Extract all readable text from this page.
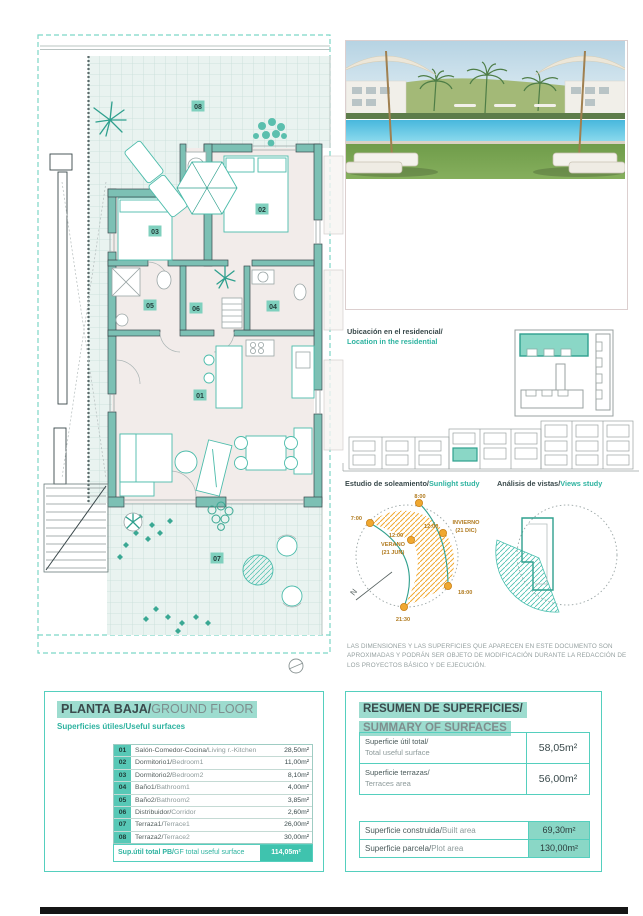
08
02
03
05	06	04
01
07
Ubicación en el residencial/
Location in the residential
Estudio de soleamiento/Sunlight study
N
8:00
7:00
12:00
VERANO
(21 JUN)
12:00
INVIERNO
(21 DIC)
18:00
21:30
Análisis de vistas/Views study
LAS DIMENSIONES Y LAS SUPERFICIES QUE APARECEN EN ESTE DOCUMENTO SON APROXIMADAS Y PODRÁN SER OBJETO DE MODIFICACIÓN DURANTE LA REDACCIÓN DE LOS PROYECTOS BÁSICO Y DE EJECUCIÓN.
PLANTA BAJA/GROUND FLOOR
Superficies útiles/Useful surfaces
01	Salón-Comedor-Cocina/Living r.-Kitchen	28,50m²
02	Dormitorio1/Bedroom1	11,00m²
03	Dormitorio2/Bedroom2	8,10m²
04	Baño1/Bathroom1	4,00m²
05	Baño2/Bathroom2	3,85m²
06	Distribuidor/Corridor	2,60m²
07	Terraza1/Terrace1	26,00m²
08	Terraza2/Terrace2	30,00m²
Sup.útil total PB/GF total useful surface	114,05m²
RESUMEN DE SUPERFICIES/ SUMMARY OF SURFACES
Superficie útil total/
Total useful surface	58,05m²
Superficie terrazas/
Terraces area	56,00m²
Superficie construida/Built area	69,30m²
Superficie parcela/Plot area	130,00m²
